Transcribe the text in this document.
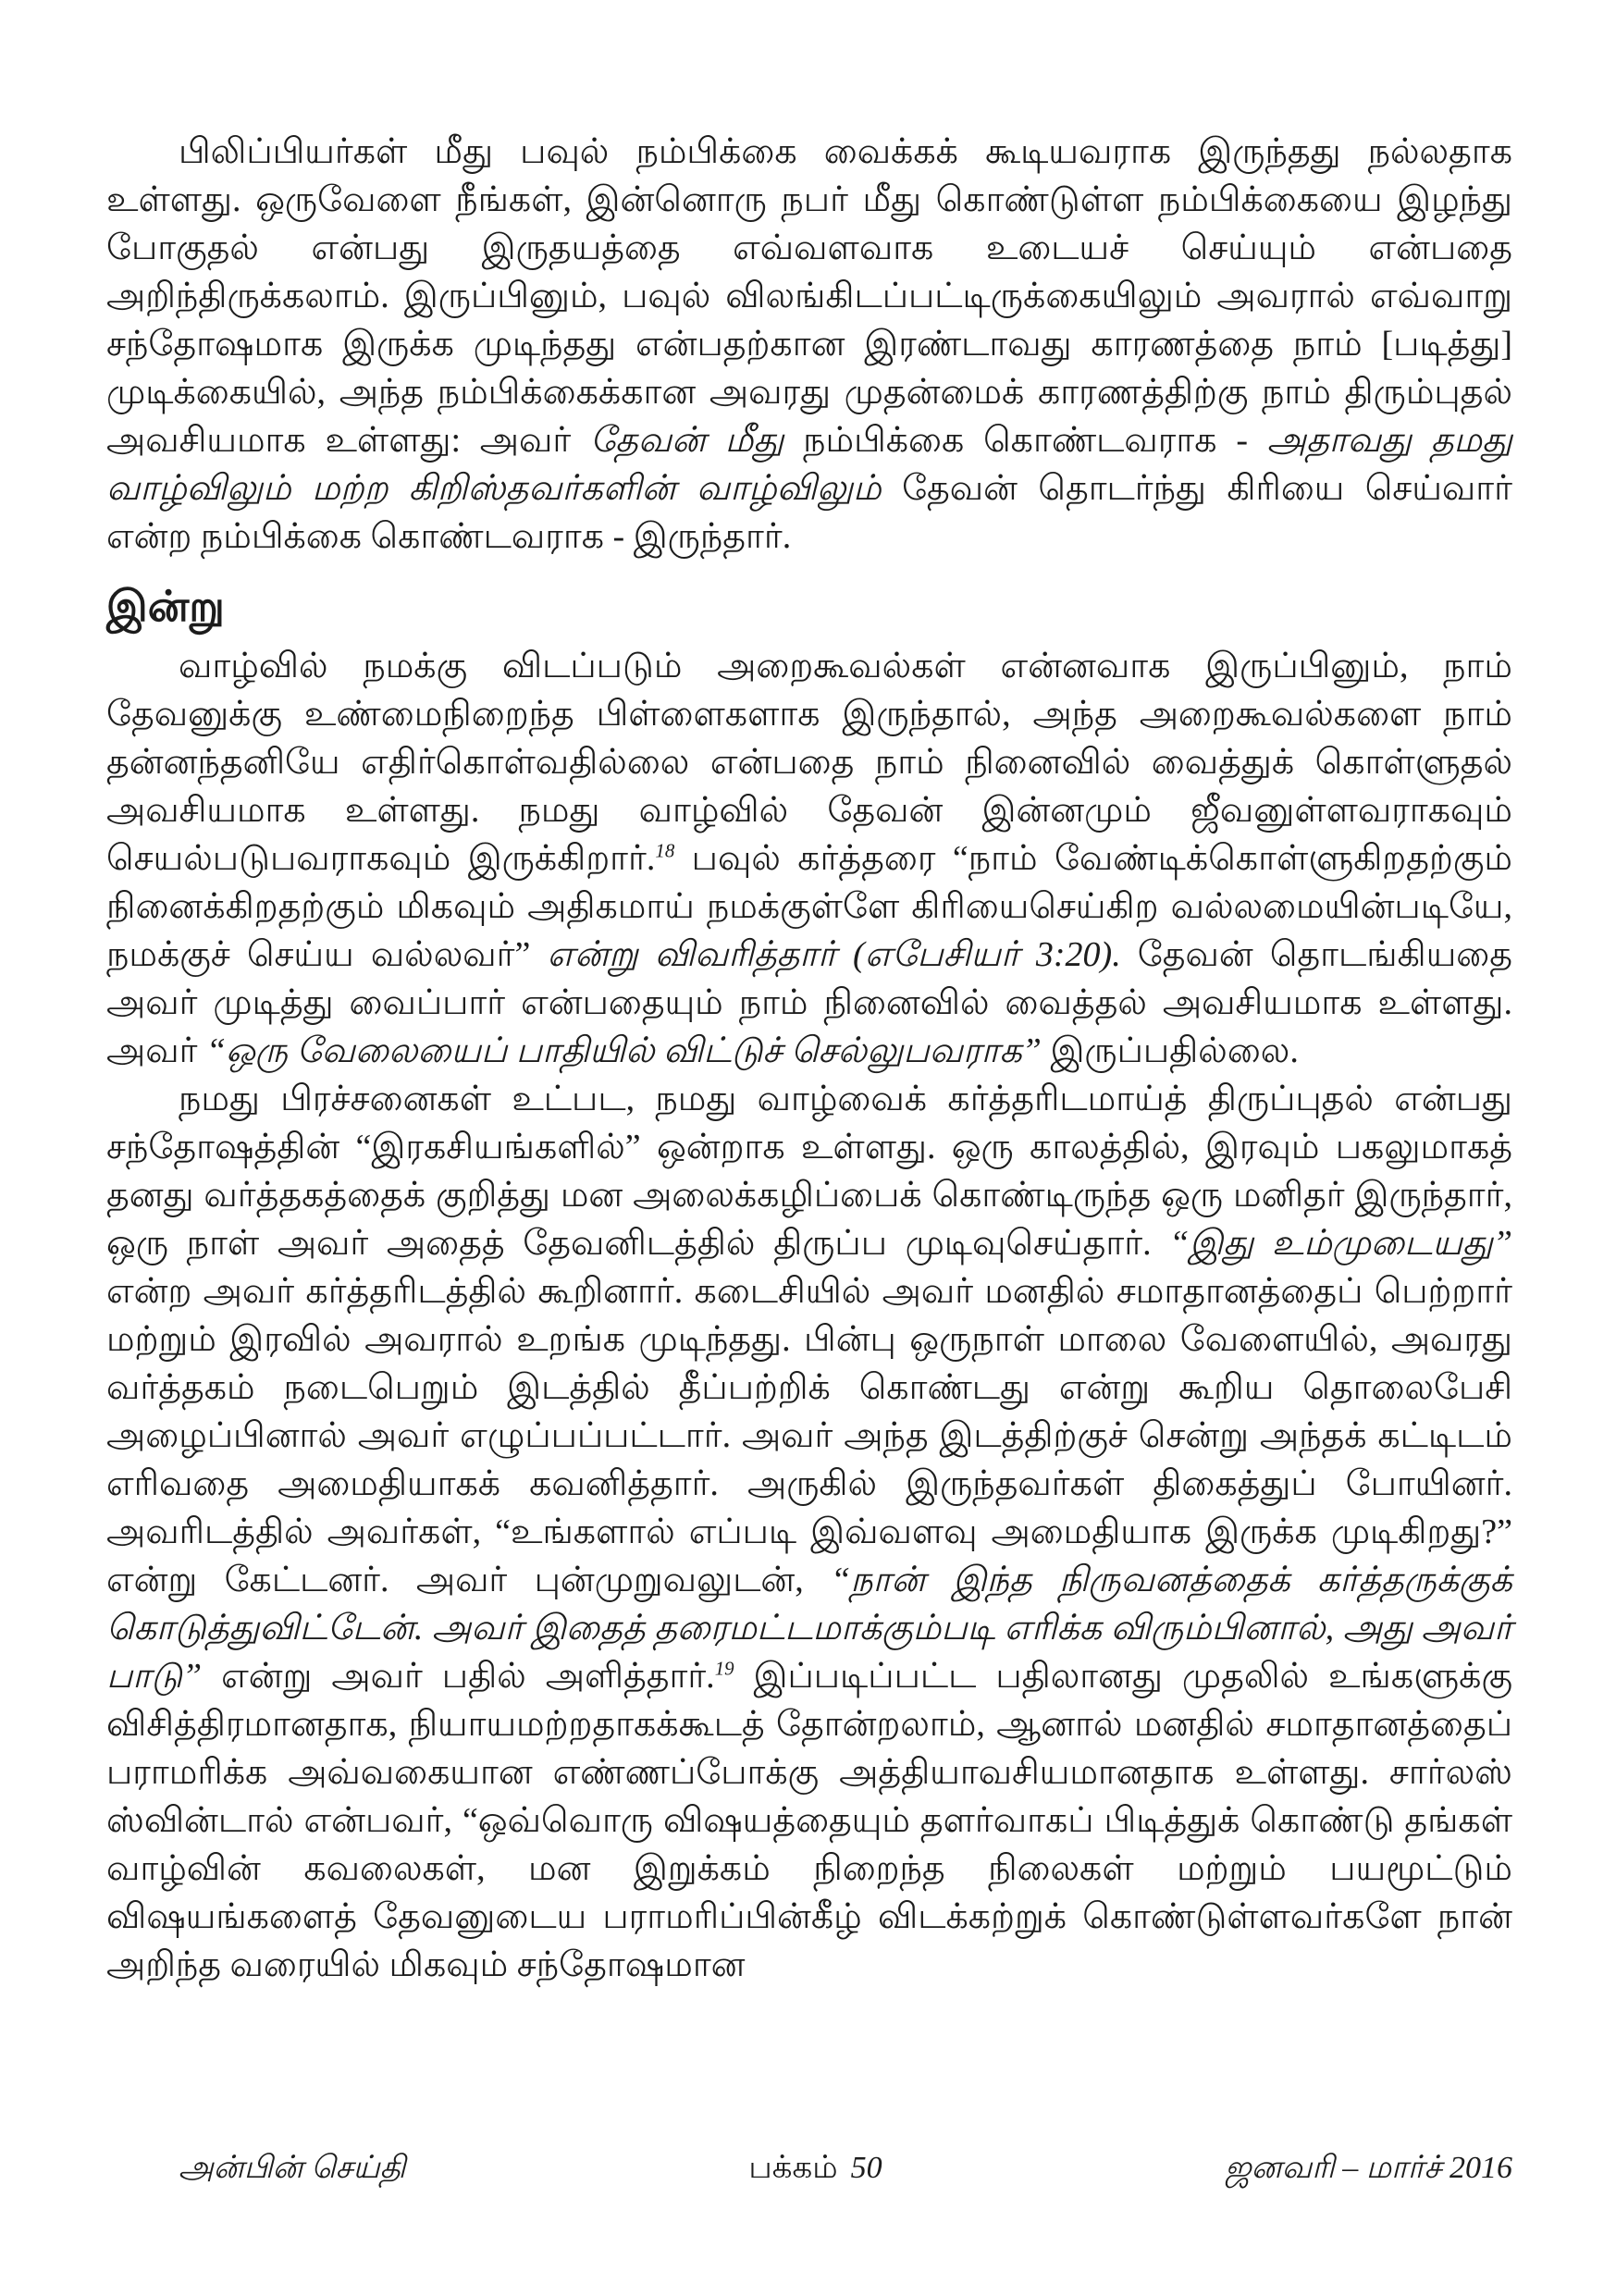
பிலிப்பியர்கள் மீது பவுல் நம்பிக்கை வைக்கக் கூடியவராக இருந்தது நல்லதாக உள்ளது. ஒருவேளை நீங்கள், இன்னொரு நபர் மீது கொண்டுள்ள நம்பிக்கையை இழந்து போகுதல் என்பது இருதயத்தை எவ்வளவாக உடையச் செய்யும் என்பதை அறிந்திருக்கலாம். இருப்பினும், பவுல் விலங்கிடப்பட்டிருக்கையிலும் அவரால் எவ்வாறு சந்தோஷமாக இருக்க முடிந்தது என்பதற்கான இரண்டாவது காரணத்தை நாம் [படித்து] முடிக்கையில், அந்த நம்பிக்கைக்கான அவரது முதன்மைக் காரணத்திற்கு நாம் திரும்புதல் அவசியமாக உள்ளது: அவர் தேவன் மீது நம்பிக்கை கொண்டவராக - அதாவது தமது வாழ்விலும் மற்ற கிறிஸ்தவர்களின் வாழ்விலும் தேவன் தொடர்ந்து கிரியை செய்வார் என்ற நம்பிக்கை கொண்டவராக - இருந்தார்.

இன்று

வாழ்வில் நமக்கு விடப்படும் அறைகூவல்கள் என்னவாக இருப்பினும், நாம் தேவனுக்கு உண்மைநிறைந்த பிள்ளைகளாக இருந்தால், அந்த அறைகூவல்களை நாம் தன்னந்தனியே எதிர்கொள்வதில்லை என்பதை நாம் நினைவில் வைத்துக் கொள்ளுதல் அவசியமாக உள்ளது. நமது வாழ்வில் தேவன் இன்னமும் ஜீவனுள்ளவராகவும் செயல்படுபவராகவும் இருக்கிறார்.$^{18}$ பவுல் கர்த்தரை “நாம் வேண்டிக்கொள்ளுகிறதற்கும் நினைக்கிறதற்கும் மிகவும் அதிகமாய் நமக்குள்ளே கிரியைசெய்கிற வல்லமையின்படியே, நமக்குச் செய்ய வல்லவர்” என்று விவரித்தார் (எபேசியர் 3:20). தேவன் தொடங்கியதை அவர் முடித்து வைப்பார் என்பதையும் நாம் நினைவில் வைத்தல் அவசியமாக உள்ளது. அவர் “ஒரு வேலையைப் பாதியில் விட்டுச் செல்லுபவராக” இருப்பதில்லை.

நமது பிரச்சனைகள் உட்பட, நமது வாழ்வைக் கர்த்தரிடமாய்த் திருப்புதல் என்பது சந்தோஷத்தின் “இரகசியங்களில்” ஒன்றாக உள்ளது. ஒரு காலத்தில், இரவும் பகலுமாகத் தனது வர்த்தகத்தைக் குறித்து மன அலைக்கழிப்பைக் கொண்டிருந்த ஒரு மனிதர் இருந்தார், ஒரு நாள் அவர் அதைத் தேவனிடத்தில் திருப்ப முடிவுசெய்தார். “இது உம்முடையது” என்ற அவர் கர்த்தரிடத்தில் கூறினார். கடைசியில் அவர் மனதில் சமாதானத்தைப் பெற்றார் மற்றும் இரவில் அவரால் உறங்க முடிந்தது. பின்பு ஒருநாள் மாலை வேளையில், அவரது வர்த்தகம் நடைபெறும் இடத்தில் தீப்பற்றிக் கொண்டது என்று கூறிய தொலைபேசி அழைப்பினால் அவர் எழுப்பப்பட்டார். அவர் அந்த இடத்திற்குச் சென்று அந்தக் கட்டிடம் எரிவதை அமைதியாகக் கவனித்தார். அருகில் இருந்தவர்கள் திகைத்துப் போயினர். அவரிடத்தில் அவர்கள், “உங்களால் எப்படி இவ்வளவு அமைதியாக இருக்க முடிகிறது?” என்று கேட்டனர். அவர் புன்முறுவலுடன், “நான் இந்த நிருவனத்தைக் கர்த்தருக்குக் கொடுத்துவிட்டேன். அவர் இதைத் தரைமட்டமாக்கும்படி எரிக்க விரும்பினால், அது அவர் பாடு” என்று அவர் பதில் அளித்தார்.$^{19}$ இப்படிப்பட்ட பதிலானது முதலில் உங்களுக்கு விசித்திரமானதாக, நியாயமற்றதாகக்கூடத் தோன்றலாம், ஆனால் மனதில் சமாதானத்தைப் பராமரிக்க அவ்வகையான எண்ணப்போக்கு அத்தியாவசியமானதாக உள்ளது. சார்லஸ் ஸ்வின்டால் என்பவர், “ஒவ்வொரு விஷயத்தையும் தளர்வாகப் பிடித்துக் கொண்டு தங்கள் வாழ்வின் கவலைகள், மன இறுக்கம் நிறைந்த நிலைகள் மற்றும் பயமூட்டும் விஷயங்களைத் தேவனுடைய பராமரிப்பின்கீழ் விடக்கற்றுக் கொண்டுள்ளவர்களே நான் அறிந்த வரையில் மிகவும் சந்தோஷமான

அன்பின் செய்தி	பக்கம் 50	ஜனவரி – மார்ச் 2016
